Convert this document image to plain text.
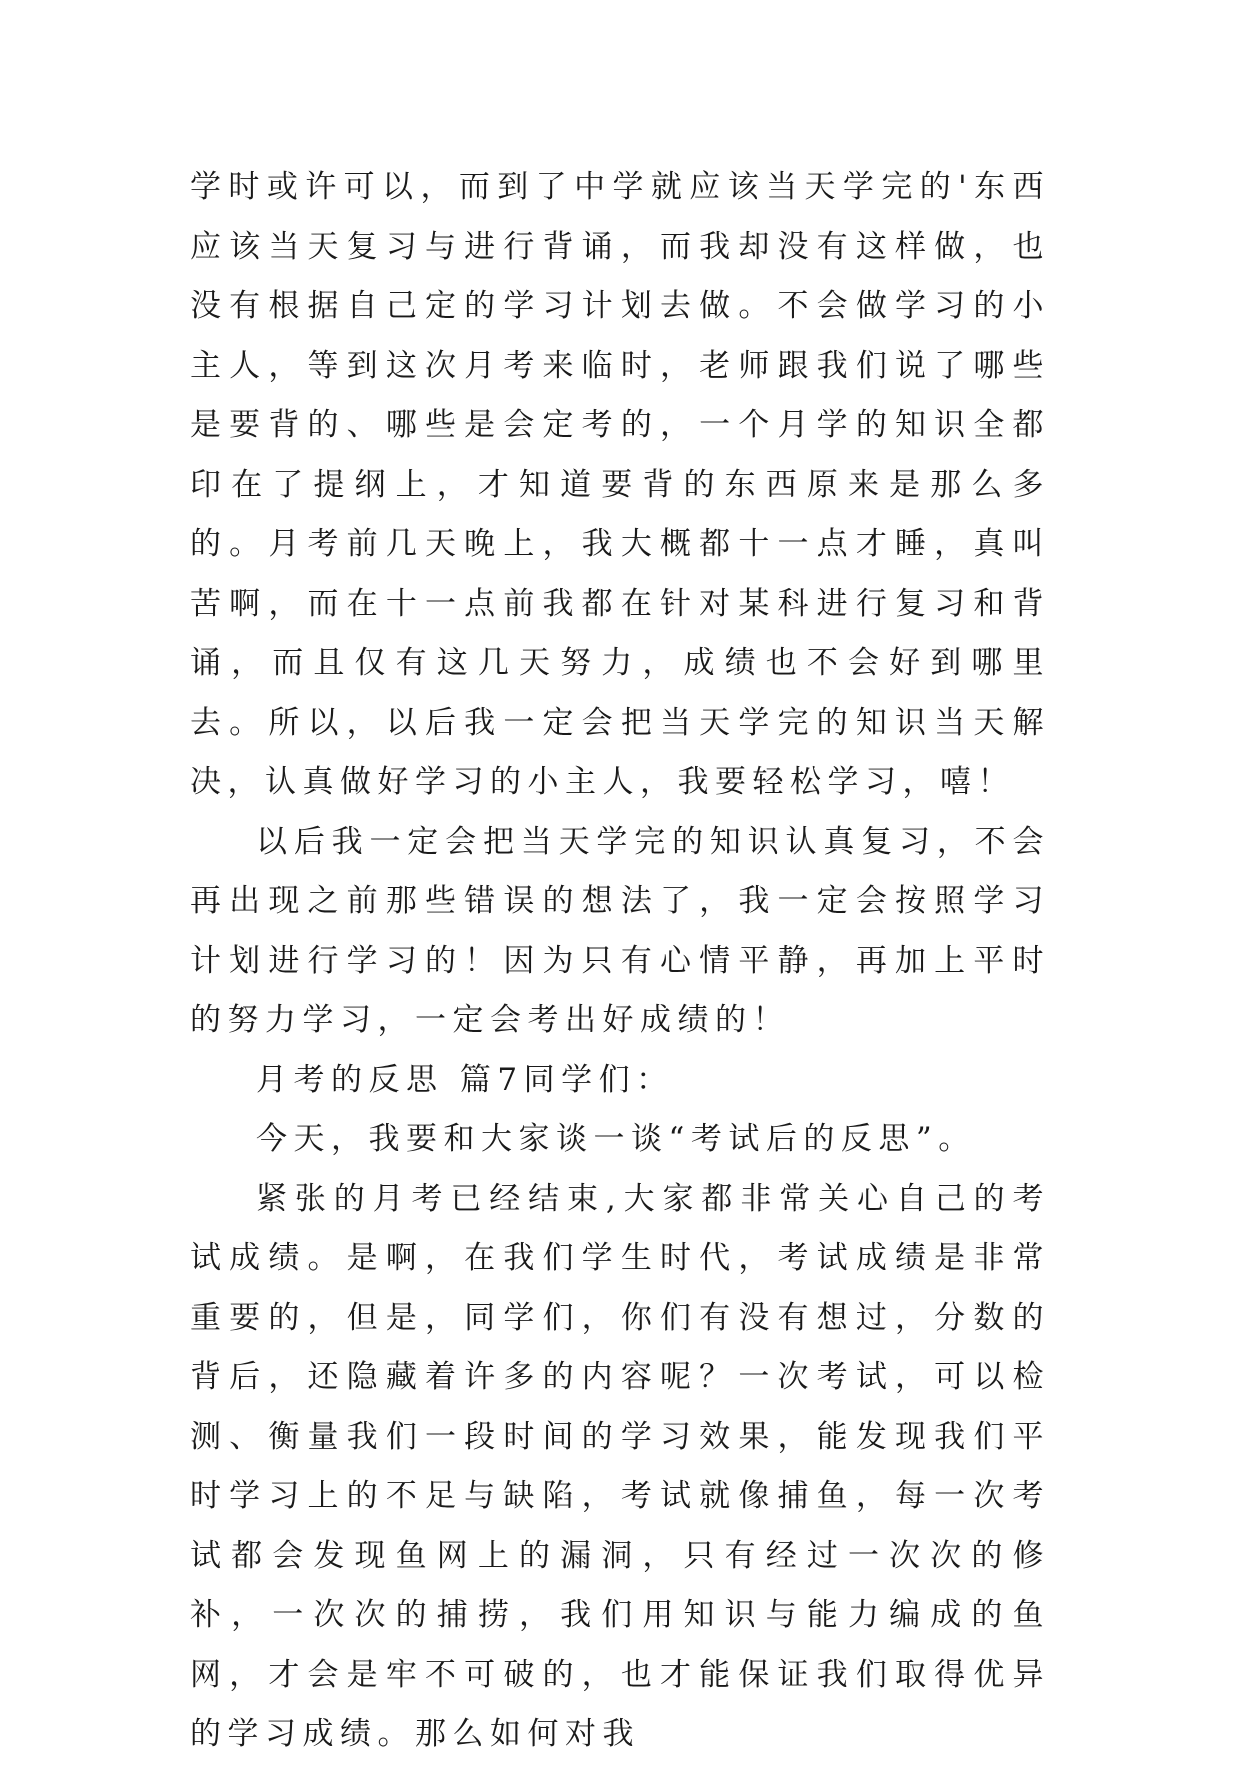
学时或许可以，而到了中学就应该当天学完的'东西应该当天复习与进行背诵，而我却没有这样做，也没有根据自己定的学习计划去做。不会做学习的小主人，等到这次月考来临时，老师跟我们说了哪些是要背的、哪些是会定考的，一个月学的知识全都印在了提纲上，才知道要背的东西原来是那么多的。月考前几天晚上，我大概都十一点才睡，真叫苦啊，而在十一点前我都在针对某科进行复习和背诵，而且仅有这几天努力，成绩也不会好到哪里去。所以，以后我一定会把当天学完的知识当天解决，认真做好学习的小主人，我要轻松学习，嘻！

以后我一定会把当天学完的知识认真复习，不会再出现之前那些错误的想法了，我一定会按照学习计划进行学习的！因为只有心情平静，再加上平时的努力学习，一定会考出好成绩的！

月考的反思 篇7同学们：

今天，我要和大家谈一谈“考试后的反思”。

紧张的月考已经结束,大家都非常关心自己的考试成绩。是啊，在我们学生时代，考试成绩是非常重要的，但是，同学们，你们有没有想过，分数的背后，还隐藏着许多的内容呢？一次考试，可以检测、衡量我们一段时间的学习效果，能发现我们平时学习上的不足与缺陷，考试就像捕鱼，每一次考试都会发现鱼网上的漏洞，只有经过一次次的修补，一次次的捕捞，我们用知识与能力编成的鱼网，才会是牢不可破的，也才能保证我们取得优异的学习成绩。那么如何对我
